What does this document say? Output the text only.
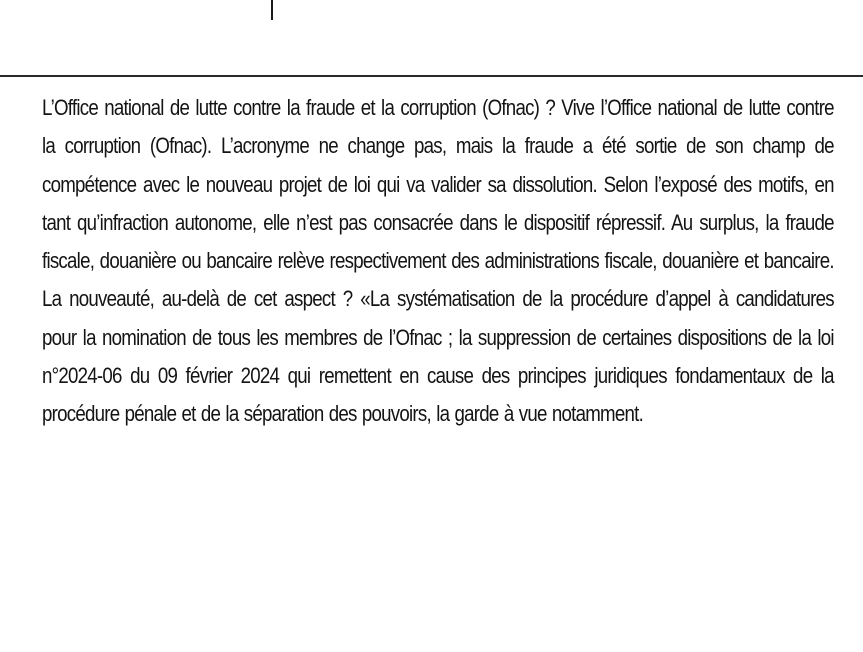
L’Office national de lutte contre la fraude et la corruption (Ofnac) ? Vive l’Office national de lutte contre la corruption (Ofnac). L’acronyme ne change pas, mais la fraude a été sortie de son champ de compétence avec le nouveau projet de loi qui va valider sa dissolution. Selon l’exposé des motifs, en tant qu’infraction autonome, elle n’est pas consacrée dans le dispositif répressif. Au surplus, la fraude fiscale, douanière ou bancaire relève respectivement des administrations fiscale, douanière et bancaire. La nouveauté, au-delà de cet aspect ? «La systématisation de la procédure d’appel à candidatures pour la nomination de tous les membres de l’Ofnac ; la suppression de certaines dispositions de la loi n°2024-06 du 09 février 2024 qui remettent en cause des principes juridiques fondamentaux de la procédure pénale et de la séparation des pouvoirs, la garde à vue notamment.
